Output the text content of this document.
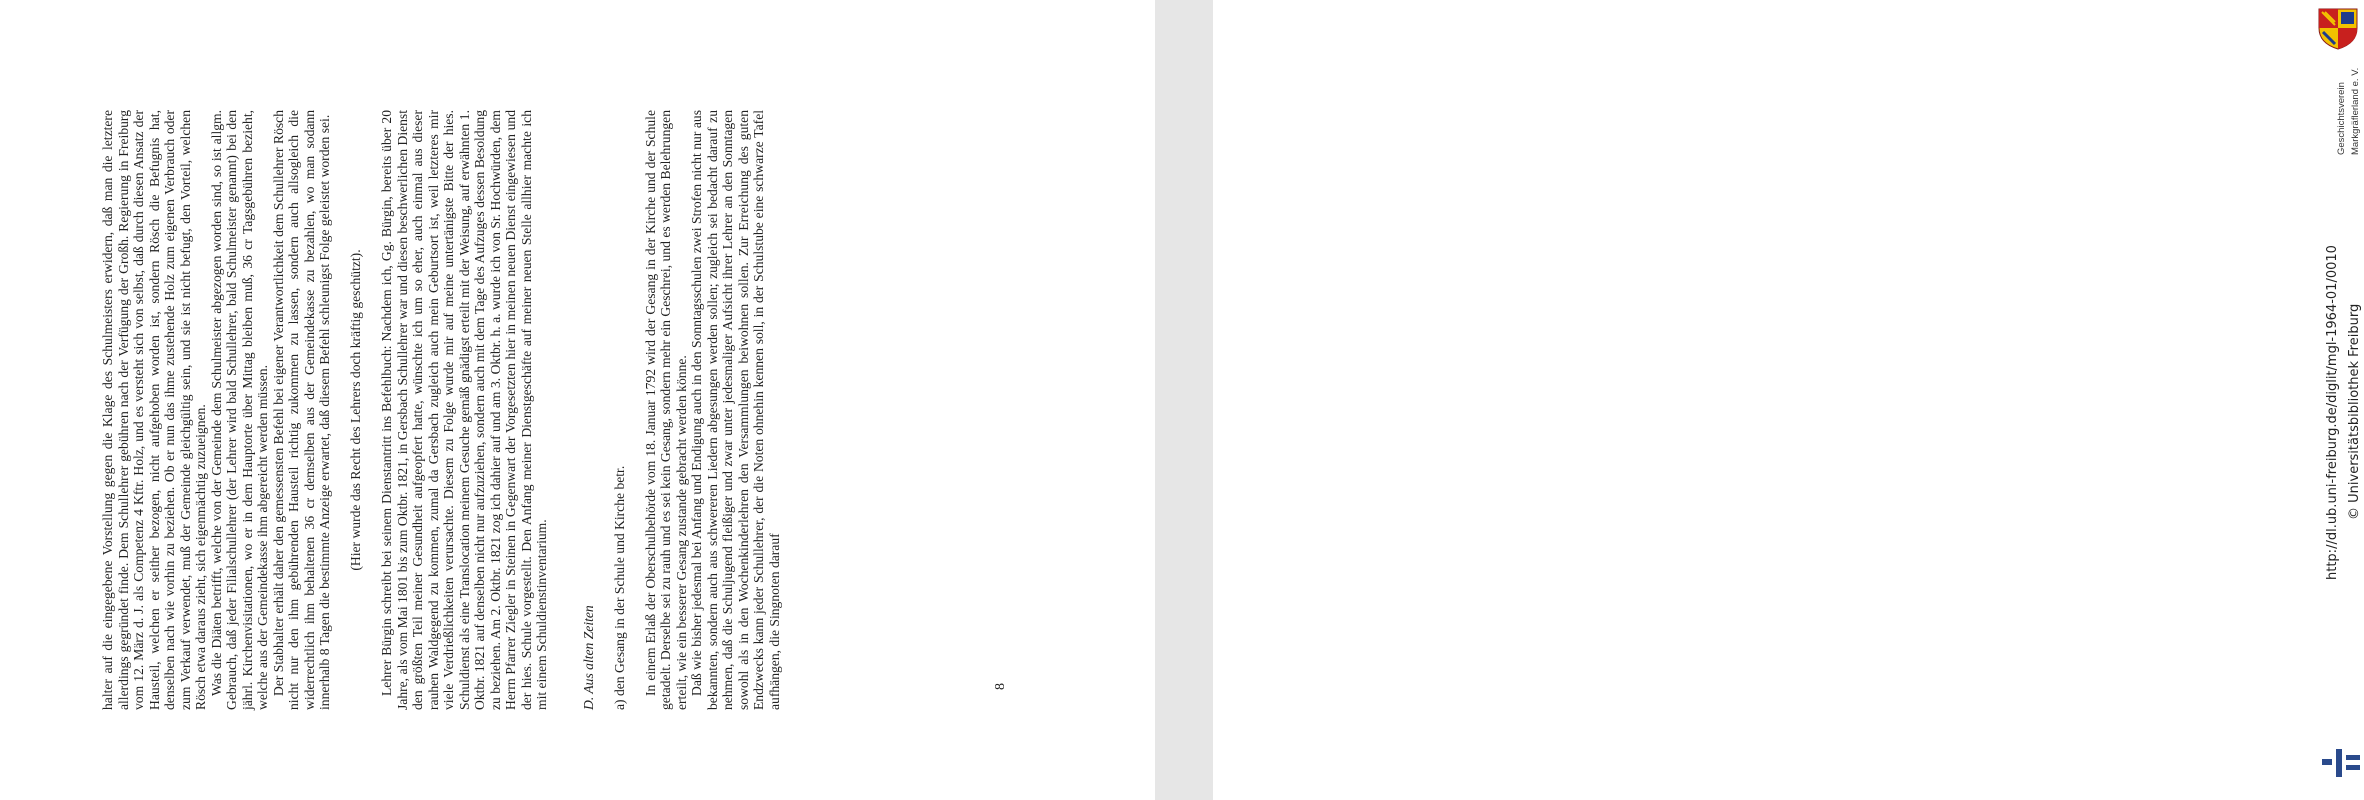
halter auf die eingegebene Vorstellung gegen die Klage des Schulmeisters erwidern, daß man die letztere allerdings gegründet finde. Dem Schullehrer gebühren nach der Verfügung der Großh. Regierung in Freiburg vom 12. März d. J. als Competenz 4 Kftr. Holz, und es versteht sich von selbst, daß durch diesen Ansatz der Hausteil, welchen er seither bezogen, nicht aufgehoben worden ist, sondern Rösch die Befugnis hat, denselben nach wie vorhin zu beziehen. Ob er nun das ihme zustehende Holz zum eigenen Verbrauch oder zum Verkauf verwendet, muß der Gemeinde gleichgültig sein, und sie ist nicht befugt, den Vorteil, welchen Rösch etwa daraus zieht, sich eigenmächtig zuzueignen. Was die Diäten betrifft, welche von der Gemeinde dem Schulmeister abgezogen worden sind, so ist allgm. Gebrauch, daß jeder Filialschullehrer (der Lehrer wird bald Schullehrer, bald Schulmeister genannt) bei den jährl. Kirchenvisitationen, wo er in dem Hauptorte über Mittag bleiben muß, 36 cr Tagsgebühren bezieht, welche aus der Gemeindekasse ihm abgereicht werden müssen. Der Stabhalter erhält daher den gemessensten Befehl bei eigener Verantwortlichkeit dem Schullehrer Rösch nicht nur den ihm gebührenden Hausteil richtig zukommen zu lassen, sondern auch allsogleich die widerrechtlich ihm behaltenen 36 cr demselben aus der Gemeindekasse zu bezahlen, wo man sodann innerhalb 8 Tagen die bestimmte Anzeige erwartet, daß diesem Befehl schleunigst Folge geleistet worden sei. (Hier wurde das Recht des Lehrers doch kräftig geschützt). Lehrer Bürgin schreibt bei seinem Dienstantritt ins Befehlbuch: Nachdem ich, Gg. Bürgin, bereits über 20 Jahre, als vom Mai 1801 bis zum Oktbr. 1821, in Gersbach Schullehrer war und diesen beschwerlichen Dienst den größten Teil meiner Gesundheit aufgeopfert hatte, wünschte ich um so eher, auch einmal aus dieser rauhen Waldgegend zu kommen, zumal da Gersbach zugleich auch mein Geburtsort ist, weil letzteres mir viele Verdrießlichkeiten verursachte. Diesem zu Folge wurde mir auf meine untertänigste Bitte der hies. Schuldienst als eine Translocation meinem Gesuche gemäß gnädigst erteilt mit der Weisung, auf erwähnten 1. Oktbr. 1821 auf denselben nicht nur aufzuziehen, sondern auch mit dem Tage des Aufzuges dessen Besoldung zu beziehen. Am 2. Oktbr. 1821 zog ich dahier auf und am 3. Oktbr. h. a. wurde ich von Sr. Hochwürden, dem Herrn Pfarrer Ziegler in Steinen in Gegenwart der Vorgesetzten hier in meinen neuen Dienst eingewiesen und der hies. Schule vorgestellt. Den Anfang meiner Dienstgeschäfte auf meiner neuen Stelle allhier machte ich mit einem Schuldienstinventarium. D. Aus alten Zeiten a) den Gesang in der Schule und Kirche betr. In einem Erlaß der Oberschulbehörde vom 18. Januar 1792 wird der Gesang in der Kirche und der Schule getadelt. Derselbe sei zu rauh und es sei kein Gesang, sondern mehr ein Geschrei, und es werden Belehrungen erteilt, wie ein besserer Gesang zustande gebracht werden könne. Daß wie bisher jedesmal bei Anfang und Endigung auch in den Sonntagsschulen zwei Strofen nicht nur aus bekannten, sondern auch aus schwereren Liedern abgesungen werden sollen; zugleich sei bedacht darauf zu nehmen, daß die Schuljugend fleißiger und zwar unter jedesmaliger Aufsicht ihrer Lehrer an den Sonntagen sowohl als in den Wochenkinderlehren den Versammlungen beiwohnen sollen. Zur Erreichung des guten Endzwecks kann jeder Schullehrer, der die Noten ohnehin kennen soll, in der Schulstube eine schwarze Tafel aufhängen, die Singnoten darauf	8
Geschichtsverein Markgräflerland e. V.
http://dl.ub.uni-freiburg.de/diglit/mgl-1964-01/0010 © Universitätsbibliothek Freiburg
